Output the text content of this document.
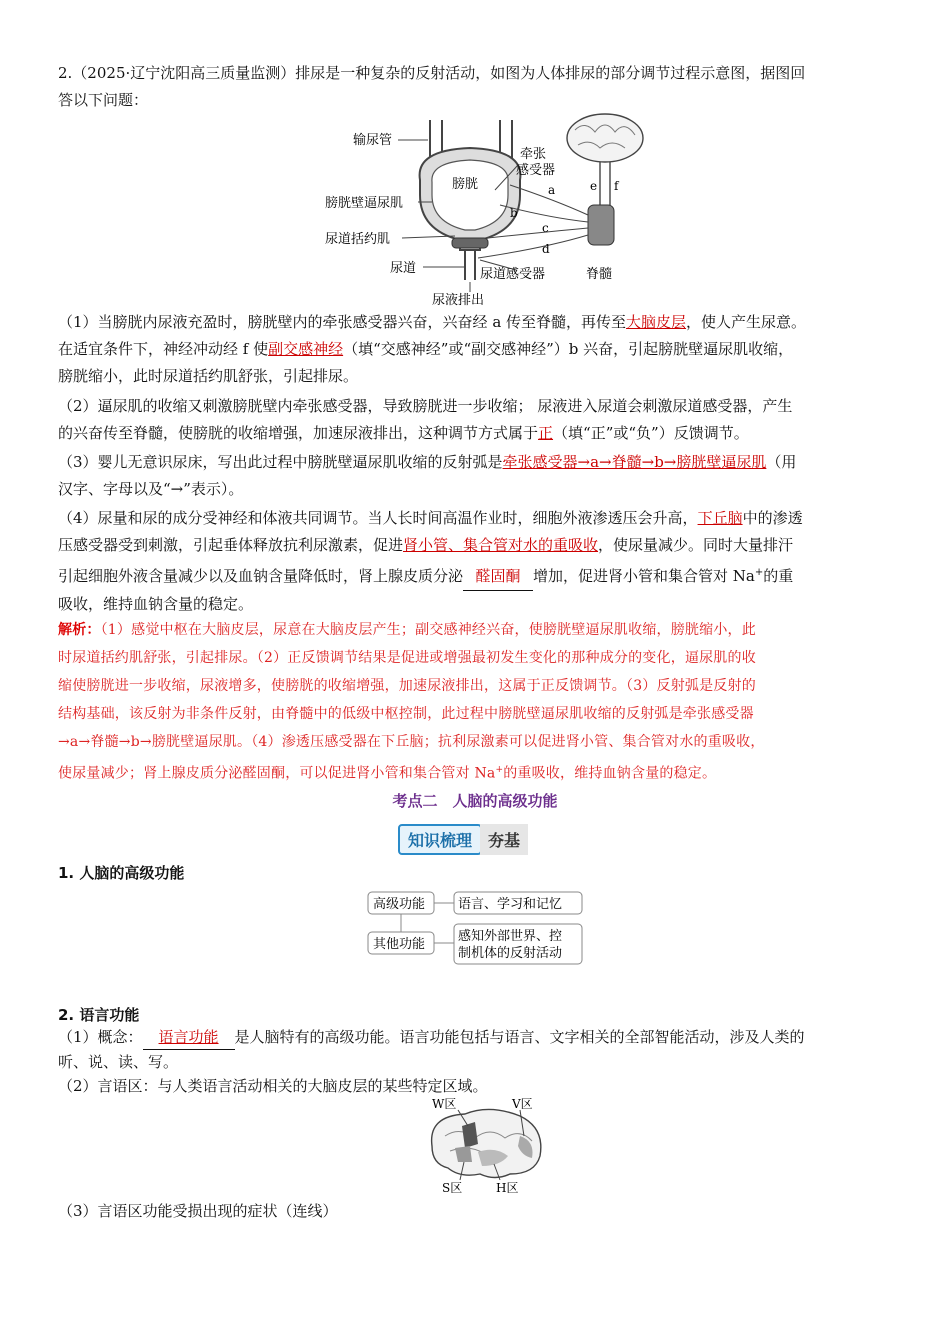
2.（2025·辽宁沈阳高三质量监测）排尿是一种复杂的反射活动，如图为人体排尿的部分调节过程示意图，据图回
答以下问题：
输尿管
膀胱
牵张
感受器
膀胱壁逼尿肌
尿道括约肌
尿道	尿道感受器	脊髓
尿液排出
a
b
c
d
e f
（1）当膀胱内尿液充盈时，膀胱壁内的牵张感受器兴奋，兴奋经 a 传至脊髓，再传至大脑皮层，使人产生尿意。
在适宜条件下，神经冲动经 f 使副交感神经（填“交感神经”或“副交感神经”）b 兴奋，引起膀胱壁逼尿肌收缩，
膀胱缩小，此时尿道括约肌舒张，引起排尿。
（2）逼尿肌的收缩又刺激膀胱壁内牵张感受器，导致膀胱进一步收缩； 尿液进入尿道会刺激尿道感受器，产生
的兴奋传至脊髓，使膀胱的收缩增强，加速尿液排出，这种调节方式属于正（填“正”或“负”）反馈调节。
（3）婴儿无意识尿床，写出此过程中膀胱壁逼尿肌收缩的反射弧是牵张感受器→a→脊髓→b→膀胱壁逼尿肌（用
汉字、字母以及“→”表示）。
（4）尿量和尿的成分受神经和体液共同调节。当人长时间高温作业时，细胞外液渗透压会升高，下丘脑中的渗透
压感受器受到刺激，引起垂体释放抗利尿激素，促进肾小管、集合管对水的重吸收，使尿量减少。同时大量排汗
引起细胞外液含量减少以及血钠含量降低时，肾上腺皮质分泌 醛固酮 增加，促进肾小管和集合管对 Na+的重
吸收，维持血钠含量的稳定。
解析：（1）感觉中枢在大脑皮层，尿意在大脑皮层产生；副交感神经兴奋，使膀胱壁逼尿肌收缩，膀胱缩小，此
时尿道括约肌舒张，引起排尿。（2）正反馈调节结果是促进或增强最初发生变化的那种成分的变化，逼尿肌的收
缩使膀胱进一步收缩，尿液增多，使膀胱的收缩增强，加速尿液排出，这属于正反馈调节。（3）反射弧是反射的
结构基础，该反射为非条件反射，由脊髓中的低级中枢控制，此过程中膀胱壁逼尿肌收缩的反射弧是牵张感受器
→a→脊髓→b→膀胱壁逼尿肌。（4）渗透压感受器在下丘脑；抗利尿激素可以促进肾小管、集合管对水的重吸收，
使尿量减少；肾上腺皮质分泌醛固酮，可以促进肾小管和集合管对 Na+的重吸收，维持血钠含量的稳定。
考点二　人脑的高级功能
知识梳理	夯基
1. 人脑的高级功能
高级功能	语言、学习和记忆
其他功能
感知外部世界、控
制机体的反射活动
2. 语言功能
（1）概念： 语言功能 是人脑特有的高级功能。语言功能包括与语言、文字相关的全部智能活动，涉及人类的
听、说、读、写。
（2）言语区：与人类语言活动相关的大脑皮层的某些特定区域。
W区	V区
S区	H区
（3）言语区功能受损出现的症状（连线）
